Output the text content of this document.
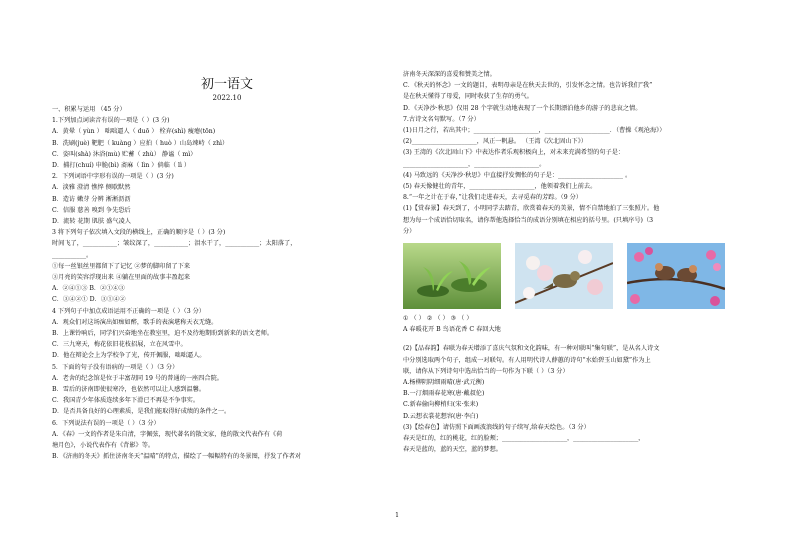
初一语文
2022.10
一、积累与运用 （45 分）
1.下列加点词读音有误的一项是（ ）(3 分)
A．黄晕（ yùn ） 咄咄逼人（ duō ） 栓弃(shì) 瘦瘪(tōn)
B．洗刷(juè) 靶肥（ kuàng ）应拍（ huò ）山岛竦峙（ zhì）
C．姿叫(shà) 沐浴(mù) 贮蓄（ zhù） 静谧（ mì）
D．捕打(chuí) 申脆(bì) 斋麻（ lìn ）倘临（ lì ）
2．下列词语中字形有误的一项是（ ）(3 分)
A．淡雅 澄清 憔悴 侧歇默然
B．造访 嫩芽 分辨 淅淅沥沥
C．信服 慈善 嗅到 争先恐后
D．流转 花期 肌肤 盛气凌人
3 将下列句子依次填入文段的横线上，正确的顺序是（ ）(3 分)
时间飞了，___________；皱纹深了，___________；泪水干了，___________；太阳落了，
___________。
①每一丝银丝里都留下了记忆 ②梦的脚印留了下来
③月亮的笑容浮现出来 ④躺在里面的故事丰盈起来
A．②④①③ B．②①④③
C．③④②① D．③①④②
4 下列句子中加点成语运用不正确的一项是（ ）（3 分）
A．观众们对这场演出如痴如醉，歌手的表演堪称天衣无缝。
B．上课铃响后，同学们兴奋地坐在教室里，迫不及待地期盼到新来的语文老师。
C．三九寒天，梅花依旧花枝招展，立在风雪中。
D．他在辩论会上为学校争了光，传开佩服，咄咄逼人。
5．下面的句子没有语病的一项是（ ）（3 分）
A．老舍的纪念馆是位于丰富胡同 19 号的普通的一座四合院。
B．雪后的济南即使很寒冷，也依然可以让人感到温馨。
C．我国青少年体质连续多年下滑已不再是不争事实。
D．是否具备良好的心理素质，是我们能取得好成绩的条件之一。
6．下列说法有误的一项是（ ）（3 分）
A．《春》一文的作者是朱自清，字佩弦，现代著名的散文家，他的散文代表作有《荷
塘月色》，小说代表作有《背影》等。
B．《济南的冬天》抓住济南冬天“温晴”的特点，描绘了一幅幅特有的冬景图，抒发了作者对
济南冬天深深的喜爱和赞美之情。
C．《秋天的怀念》一文的题目，表明母亲是在秋天去世的，引发怀念之情。也告诉我们“我”
是在秋天懂得了母爱，同时收获了生存的勇气。
D．《天净沙·秋思》仅用 28 个字就生动地表现了一个长期漂泊他乡的游子的悲哀之情。
7.古诗文名句默写。（7 分）
(1)日月之行，若出其中；_____________________，_____________________．（曹操《观沧海》）
(2)_____________________，风正一帆悬。 （王湾《次北固山下》）
(3) 王湾的《次北固山下》中表达作者乐观积极向上，对未来充满希望的句子是：
_____________________，_____________________。
(4) 马致远的《天净沙·秋思》中直接抒发惆怅的句子是：_____________________ 。
(5) 春天像健壮的青年，_____________________，他领着我们上前去。
8.“一年之计在于春，”让我们走进春天，去寻觅春的芳踪。（9 分）
(1)【赏春景】春天到了，小明同学去踏青，欣赏着春天的美景，情不自禁地拍了三张照片。他
想为每一个成语恰切取名，请你帮他选择恰当的成语分别填在相应的括号里。(只填序号)（3
分）
① （ ） ② （ ） ③ （ ）
A 春暖花开 B 鸟语花香 C 春回大地
(2)【品春韵】春联为春天增添了喜庆气氛和文化韵味，有一种对联叫“集句联”，是从名人诗文
中分别选取两个句子，组成一对联句。有人用明代诗人薛蕙的诗句“水始碧玉山如黛”作为上
联，请你从下列诗句中选出恰当的一句作为下联（ ）（3 分）
A.杨柳阴阴细雨晴(唐·武元衡)
B.一汀烟雨春花寒(唐·戴叔伦)
C.新春偷向柳梢归(宋·张耒)
D.云想衣裳花想容(唐·李白)
(3)【绘春色】请仿照下面画波浪线的句子续写,给春天绘色。（3 分）
春天是红的，红的桃花，红的脸颊；_____________________，_____________________，
春天是蓝的，蓝的天空，蓝的梦想。
1
